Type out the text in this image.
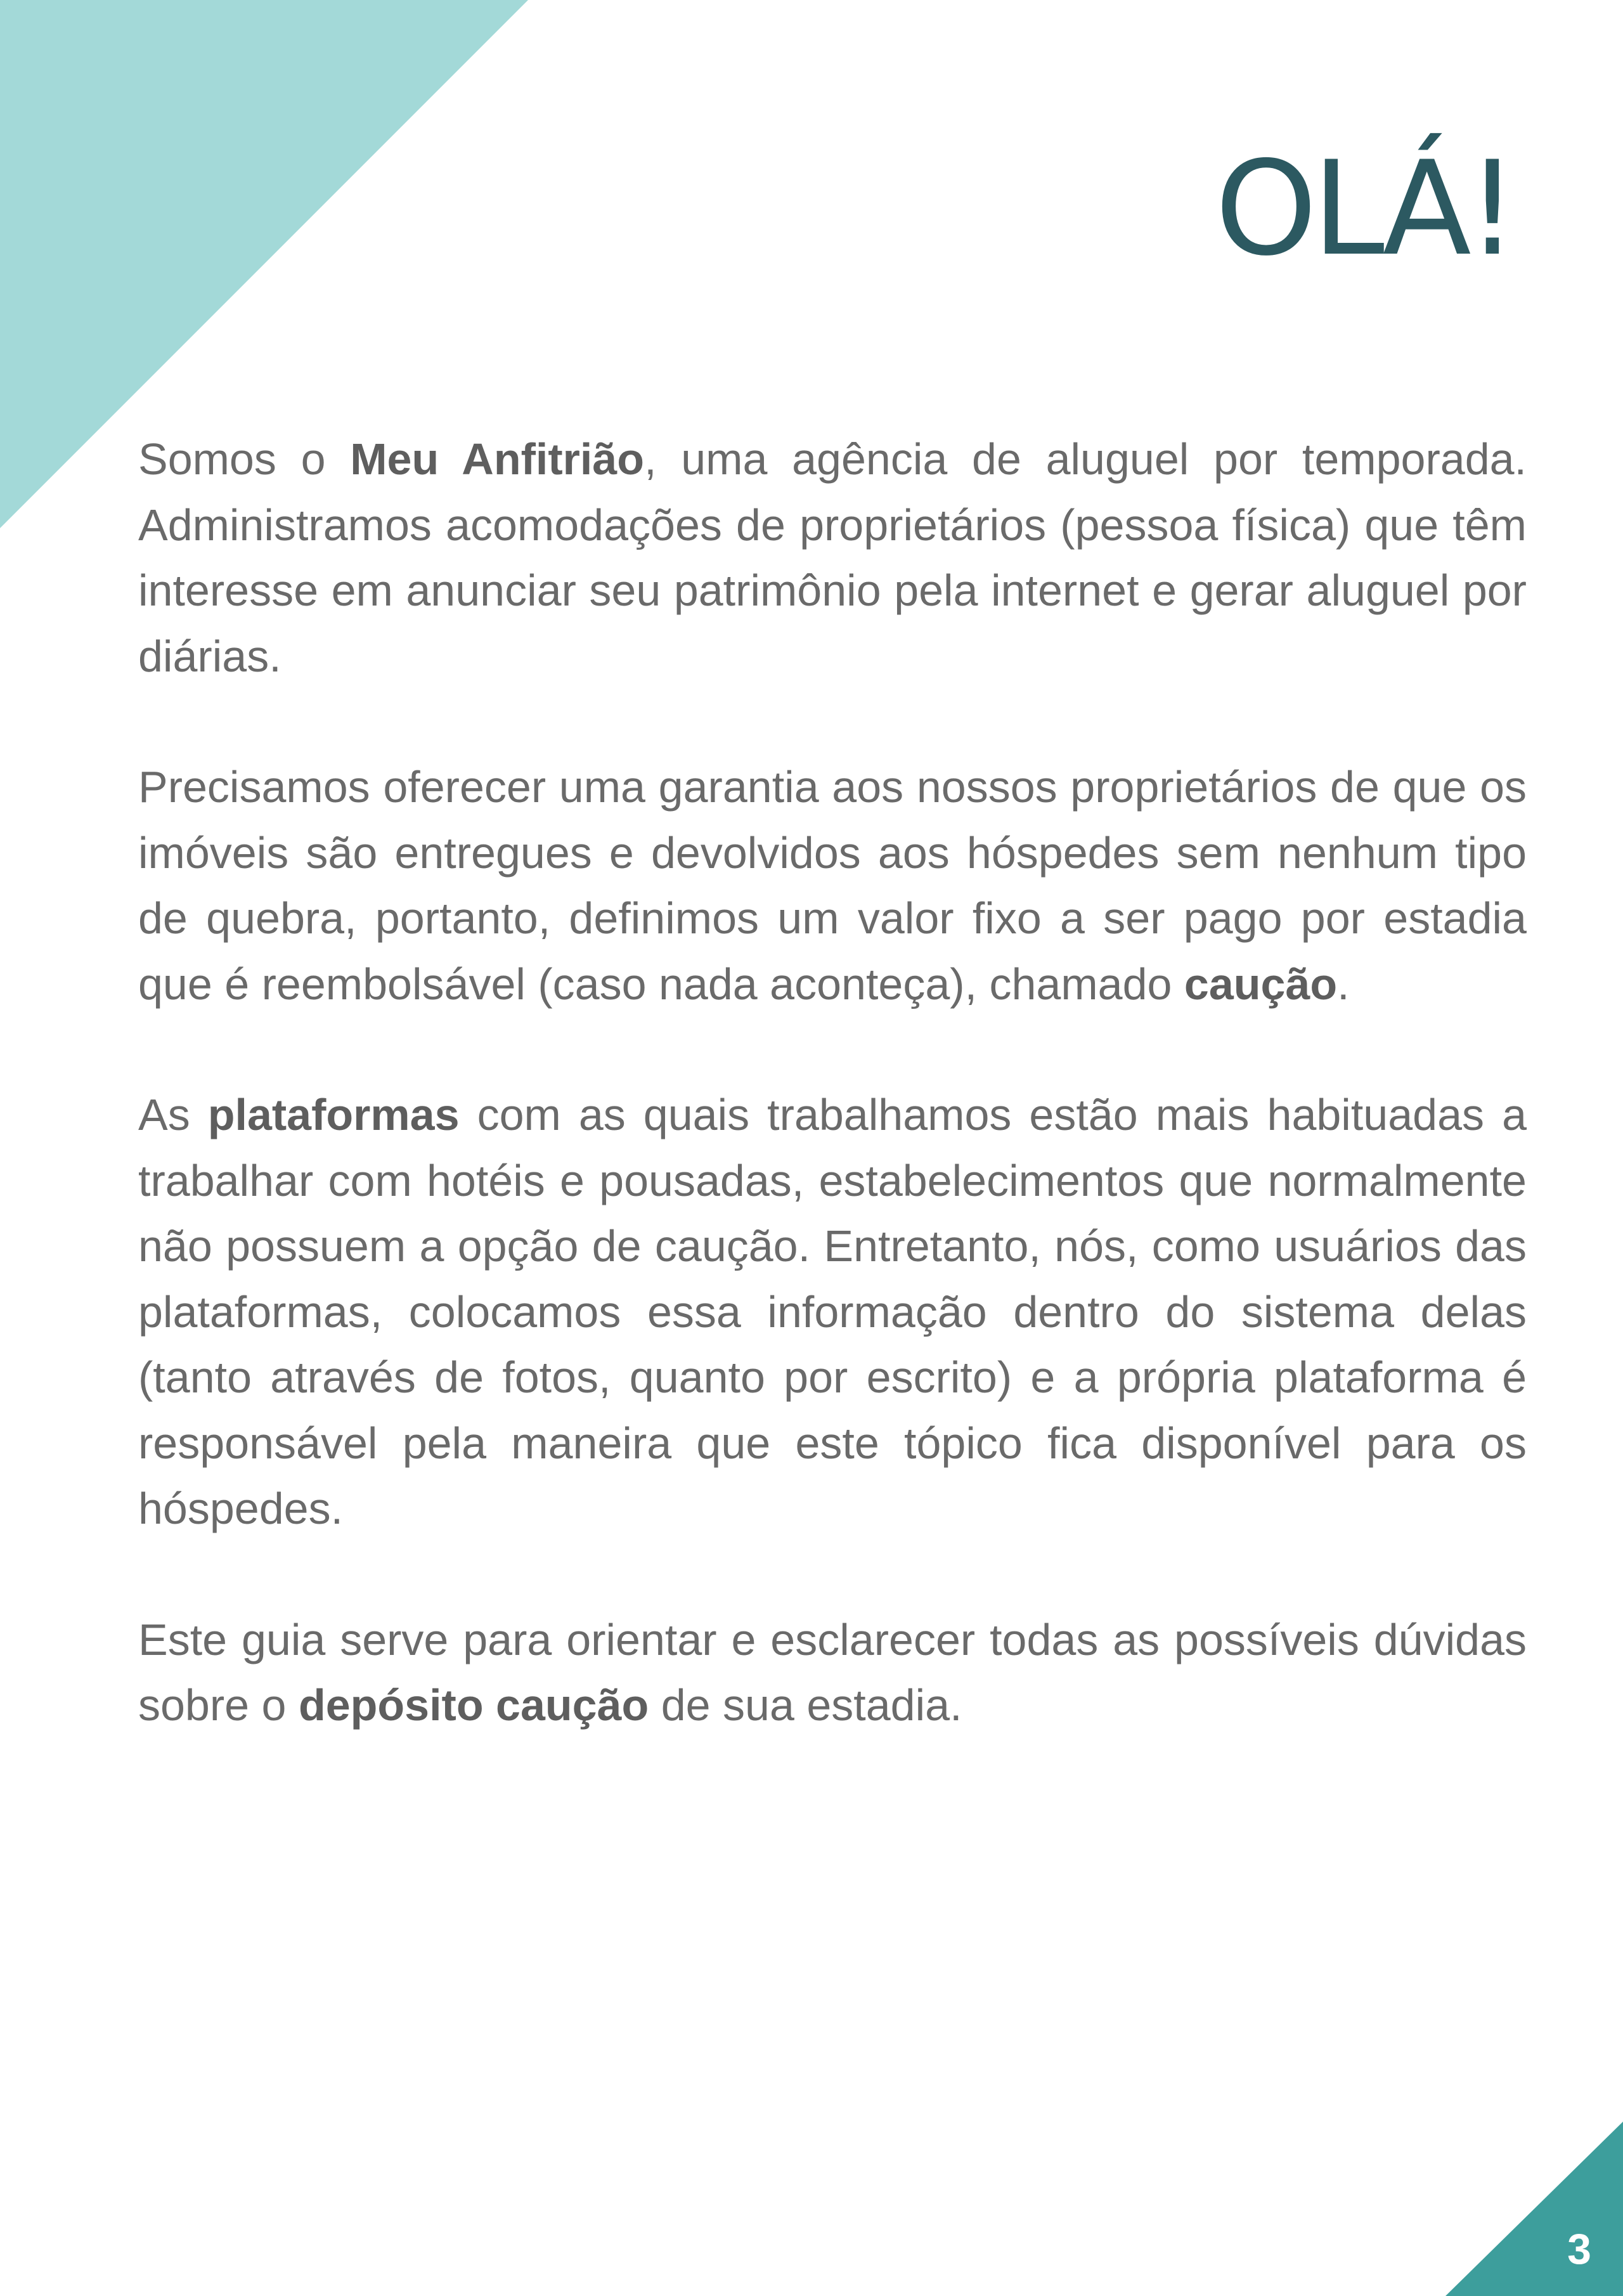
OLÁ!

Somos o Meu Anfitrião, uma agência de aluguel por temporada. Administramos acomodações de proprietários (pessoa física) que têm interesse em anunciar seu patrimônio pela internet e gerar aluguel por diárias.

Precisamos oferecer uma garantia aos nossos proprietários de que os imóveis são entregues e devolvidos aos hóspedes sem nenhum tipo de quebra, portanto, definimos um valor fixo a ser pago por estadia que é reembolsável (caso nada aconteça), chamado caução.

As plataformas com as quais trabalhamos estão mais habituadas a trabalhar com hotéis e pousadas, estabelecimentos que normalmente não possuem a opção de caução. Entretanto, nós, como usuários das plataformas, colocamos essa informação dentro do sistema delas (tanto através de fotos, quanto por escrito) e a própria plataforma é responsável pela maneira que este tópico fica disponível para os hóspedes.

Este guia serve para orientar e esclarecer todas as possíveis dúvidas sobre o depósito caução de sua estadia.

3
